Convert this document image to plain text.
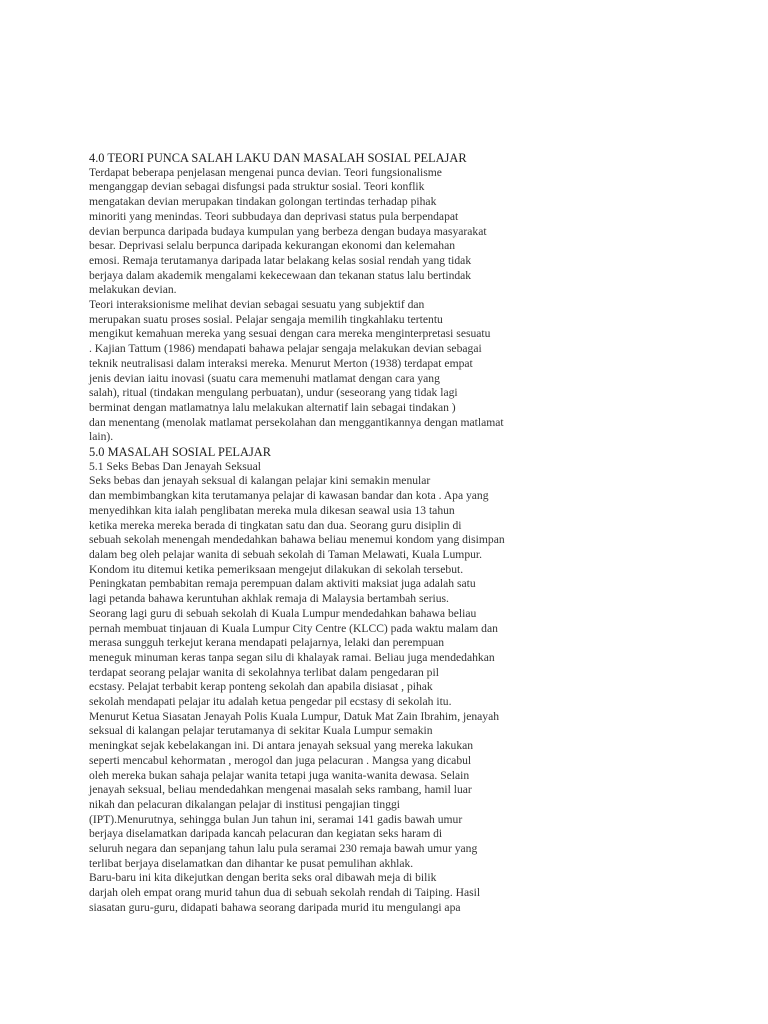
4.0 TEORI PUNCA SALAH LAKU DAN MASALAH SOSIAL PELAJAR
Terdapat beberapa penjelasan mengenai punca devian. Teori fungsionalisme
menganggap devian sebagai disfungsi pada struktur sosial. Teori konflik
mengatakan devian merupakan tindakan golongan tertindas terhadap pihak
minoriti yang menindas. Teori subbudaya dan deprivasi status pula berpendapat
devian berpunca daripada budaya kumpulan yang berbeza dengan budaya masyarakat
besar. Deprivasi selalu berpunca daripada kekurangan ekonomi dan kelemahan
emosi. Remaja terutamanya daripada latar belakang kelas sosial rendah yang tidak
berjaya dalam akademik mengalami kekecewaan dan tekanan status lalu bertindak
melakukan devian.
Teori interaksionisme melihat devian sebagai sesuatu yang subjektif dan
merupakan suatu proses sosial. Pelajar sengaja memilih tingkahlaku tertentu
mengikut kemahuan mereka yang sesuai dengan cara mereka menginterpretasi sesuatu
. Kajian Tattum (1986) mendapati bahawa pelajar sengaja melakukan devian sebagai
teknik neutralisasi dalam interaksi mereka. Menurut Merton (1938) terdapat empat
jenis devian iaitu inovasi (suatu cara memenuhi matlamat dengan cara yang
salah), ritual (tindakan mengulang perbuatan), undur (seseorang yang tidak lagi
berminat dengan matlamatnya lalu melakukan alternatif lain sebagai tindakan )
dan menentang (menolak matlamat persekolahan dan menggantikannya dengan matlamat
lain).
5.0 MASALAH SOSIAL PELAJAR
5.1 Seks Bebas Dan Jenayah Seksual
Seks bebas dan jenayah seksual di kalangan pelajar kini semakin menular
dan membimbangkan kita terutamanya pelajar di kawasan bandar dan kota . Apa yang
menyedihkan kita ialah penglibatan mereka mula dikesan seawal usia 13 tahun
ketika mereka mereka berada di tingkatan satu dan dua. Seorang guru disiplin di
sebuah sekolah menengah mendedahkan bahawa beliau menemui kondom yang disimpan
dalam beg oleh pelajar wanita di sebuah sekolah di Taman Melawati, Kuala Lumpur.
Kondom itu ditemui ketika pemeriksaan mengejut dilakukan di sekolah tersebut.
Peningkatan pembabitan remaja perempuan dalam aktiviti maksiat juga adalah satu
lagi petanda bahawa keruntuhan akhlak remaja di Malaysia bertambah serius.
Seorang lagi guru di sebuah sekolah di Kuala Lumpur mendedahkan bahawa beliau
pernah membuat tinjauan di Kuala Lumpur City Centre (KLCC) pada waktu malam dan
merasa sungguh terkejut kerana mendapati pelajarnya, lelaki dan perempuan
meneguk minuman keras tanpa segan silu di khalayak ramai. Beliau juga mendedahkan
terdapat seorang pelajar wanita di sekolahnya terlibat dalam pengedaran pil
ecstasy. Pelajat terbabit kerap ponteng sekolah dan apabila disiasat , pihak
sekolah mendapati pelajar itu adalah ketua pengedar pil ecstasy di sekolah itu.
Menurut Ketua Siasatan Jenayah Polis Kuala Lumpur, Datuk Mat Zain Ibrahim, jenayah
seksual di kalangan pelajar terutamanya di sekitar Kuala Lumpur semakin
meningkat sejak kebelakangan ini. Di antara jenayah seksual yang mereka lakukan
seperti mencabul kehormatan , merogol dan juga pelacuran . Mangsa yang dicabul
oleh mereka bukan sahaja pelajar wanita tetapi juga wanita-wanita dewasa. Selain
jenayah seksual, beliau mendedahkan mengenai masalah seks rambang, hamil luar
nikah dan pelacuran dikalangan pelajar di institusi pengajian tinggi
(IPT).Menurutnya, sehingga bulan Jun tahun ini, seramai 141 gadis bawah umur
berjaya diselamatkan daripada kancah pelacuran dan kegiatan seks haram di
seluruh negara dan sepanjang tahun lalu pula seramai 230 remaja bawah umur yang
terlibat berjaya diselamatkan dan dihantar ke pusat pemulihan akhlak.
Baru-baru ini kita dikejutkan dengan berita seks oral dibawah meja di bilik
darjah oleh empat orang murid tahun dua di sebuah sekolah rendah di Taiping. Hasil
siasatan guru-guru, didapati bahawa seorang daripada murid itu mengulangi apa
